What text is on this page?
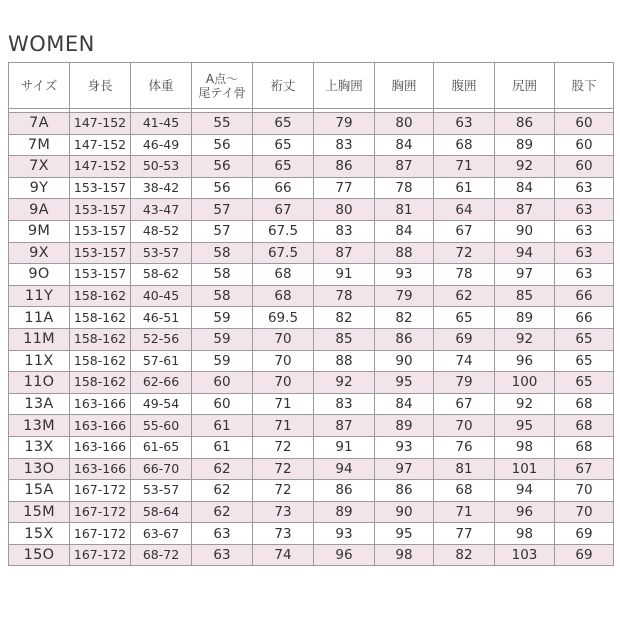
WOMEN
サイズ	身長	体重	A点～
尾テイ骨	裄丈	上胸囲	胸囲	腹囲	尻囲	股下

7A	147-152	41-45	55	65	79	80	63	86	60
7M	147-152	46-49	56	65	83	84	68	89	60
7X	147-152	50-53	56	65	86	87	71	92	60
9Y	153-157	38-42	56	66	77	78	61	84	63
9A	153-157	43-47	57	67	80	81	64	87	63
9M	153-157	48-52	57	67.5	83	84	67	90	63
9X	153-157	53-57	58	67.5	87	88	72	94	63
9O	153-157	58-62	58	68	91	93	78	97	63
11Y	158-162	40-45	58	68	78	79	62	85	66
11A	158-162	46-51	59	69.5	82	82	65	89	66
11M	158-162	52-56	59	70	85	86	69	92	65
11X	158-162	57-61	59	70	88	90	74	96	65
11O	158-162	62-66	60	70	92	95	79	100	65
13A	163-166	49-54	60	71	83	84	67	92	68
13M	163-166	55-60	61	71	87	89	70	95	68
13X	163-166	61-65	61	72	91	93	76	98	68
13O	163-166	66-70	62	72	94	97	81	101	67
15A	167-172	53-57	62	72	86	86	68	94	70
15M	167-172	58-64	62	73	89	90	71	96	70
15X	167-172	63-67	63	73	93	95	77	98	69
15O	167-172	68-72	63	74	96	98	82	103	69
